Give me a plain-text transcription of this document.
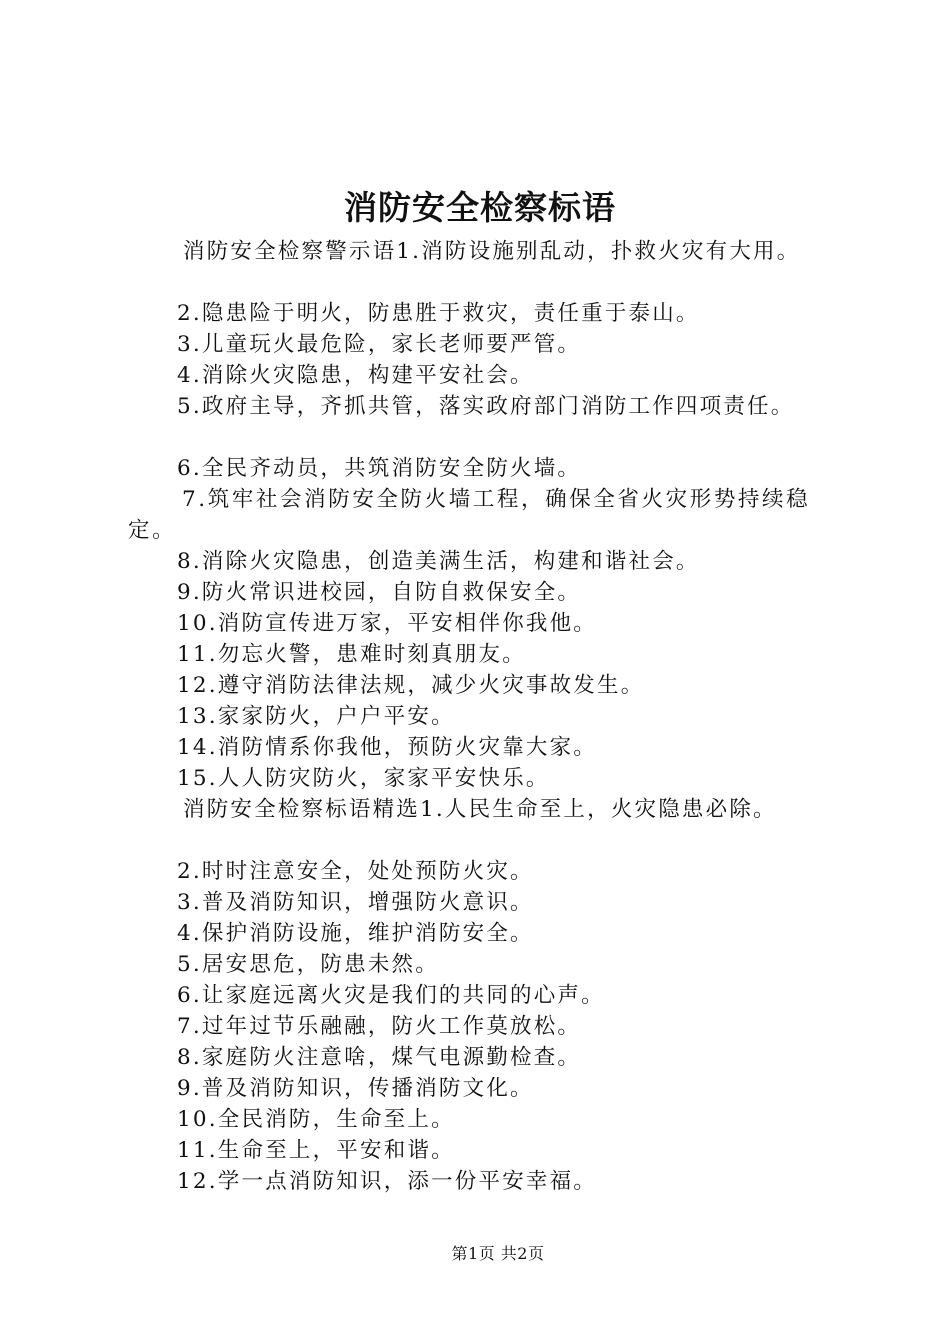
消防安全检察标语
消防安全检察警示语1.消防设施别乱动，扑救火灾有大用。
2.隐患险于明火，防患胜于救灾，责任重于泰山。
3.儿童玩火最危险，家长老师要严管。
4.消除火灾隐患，构建平安社会。
5.政府主导，齐抓共管，落实政府部门消防工作四项责任。
6.全民齐动员，共筑消防安全防火墙。
7.筑牢社会消防安全防火墙工程，确保全省火灾形势持续稳定。
8.消除火灾隐患，创造美满生活，构建和谐社会。
9.防火常识进校园，自防自救保安全。
10.消防宣传进万家，平安相伴你我他。
11.勿忘火警，患难时刻真朋友。
12.遵守消防法律法规，减少火灾事故发生。
13.家家防火，户户平安。
14.消防情系你我他，预防火灾靠大家。
15.人人防灾防火，家家平安快乐。
消防安全检察标语精选1.人民生命至上，火灾隐患必除。
2.时时注意安全，处处预防火灾。
3.普及消防知识，增强防火意识。
4.保护消防设施，维护消防安全。
5.居安思危，防患未然。
6.让家庭远离火灾是我们的共同的心声。
7.过年过节乐融融，防火工作莫放松。
8.家庭防火注意啥，煤气电源勤检查。
9.普及消防知识，传播消防文化。
10.全民消防，生命至上。
11.生命至上，平安和谐。
12.学一点消防知识，添一份平安幸福。
第1页 共2页
